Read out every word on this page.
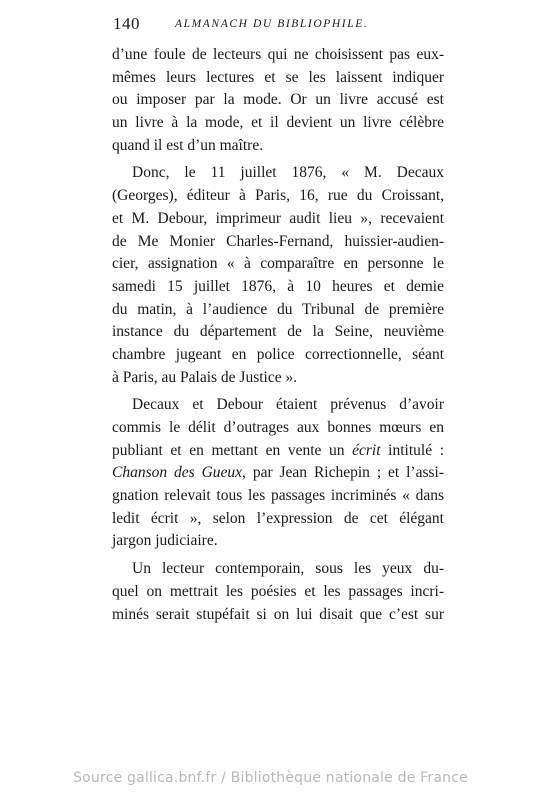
140	ALMANACH DU BIBLIOPHILE.
d’une foule de lecteurs qui ne choisissent pas eux-
mêmes leurs lectures et se les laissent indiquer
ou imposer par la mode. Or un livre accusé est
un livre à la mode, et il devient un livre célèbre
quand il est d’un maître.
Donc, le 11 juillet 1876, « M. Decaux
(Georges), éditeur à Paris, 16, rue du Croissant,
et M. Debour, imprimeur audit lieu », recevaient
de Me Monier Charles-Fernand, huissier-audien-
cier, assignation « à comparaître en personne le
samedi 15 juillet 1876, à 10 heures et demie
du matin, à l’audience du Tribunal de première
instance du département de la Seine, neuvième
chambre jugeant en police correctionnelle, séant
à Paris, au Palais de Justice ».
Decaux et Debour étaient prévenus d’avoir
commis le délit d’outrages aux bonnes mœurs en
publiant et en mettant en vente un écrit intitulé :
Chanson des Gueux, par Jean Richepin ; et l’assi-
gnation relevait tous les passages incriminés « dans
ledit écrit », selon l’expression de cet élégant
jargon judiciaire.
Un lecteur contemporain, sous les yeux du-
quel on mettrait les poésies et les passages incri-
minés serait stupéfait si on lui disait que c’est sur
Source gallica.bnf.fr / Bibliothèque nationale de France
